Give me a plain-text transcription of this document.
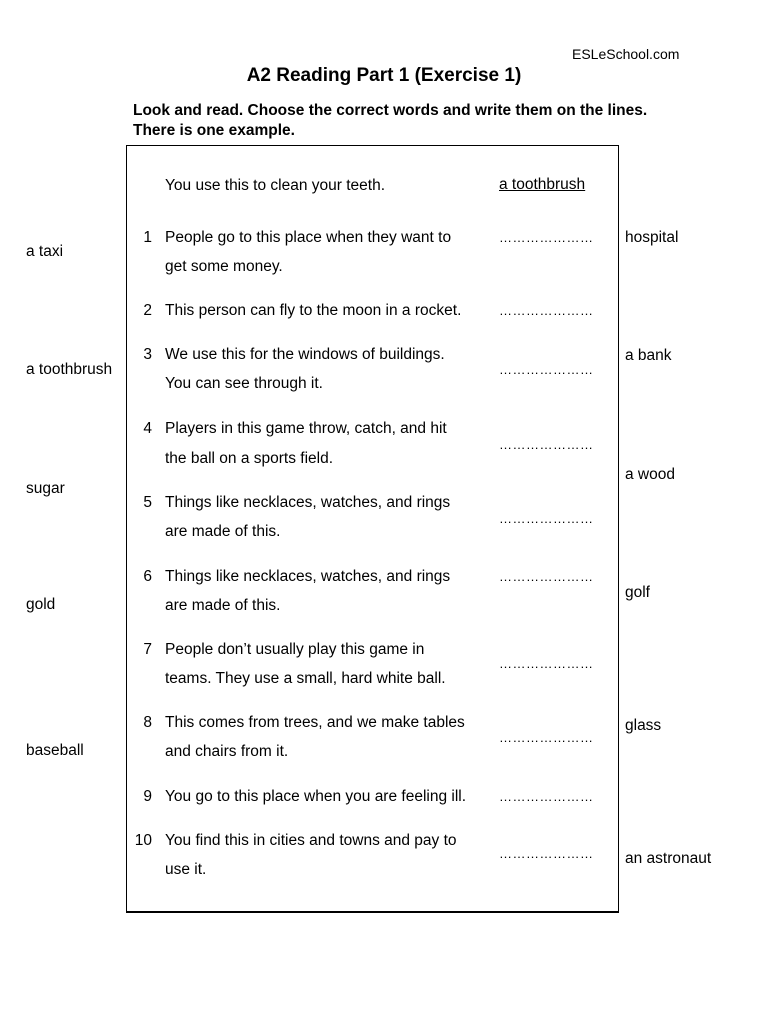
ESLeSchool.com
A2 Reading Part 1 (Exercise 1)
Look and read. Choose the correct words and write them on the lines.
There is one example.
You use this to clean your teeth.	a toothbrush
1 People go to this place when they want to
get some money.
…………………
2 This person can fly to the moon in a rocket.	…………………
3 We use this for the windows of buildings.
You can see through it.
…………………
4 Players in this game throw, catch, and hit
the ball on a sports field.
…………………
5 Things like necklaces, watches, and rings
are made of this.
…………………
6 Things like necklaces, watches, and rings
are made of this.
…………………
7 People don’t usually play this game in
teams. They use a small, hard white ball.
…………………
8 This comes from trees, and we make tables
and chairs from it.
…………………
9 You go to this place when you are feeling ill.	…………………
10 You find this in cities and towns and pay to
use it.
…………………
a taxi
a toothbrush
sugar
gold
baseball
hospital
a bank
a wood
golf
glass
an astronaut
